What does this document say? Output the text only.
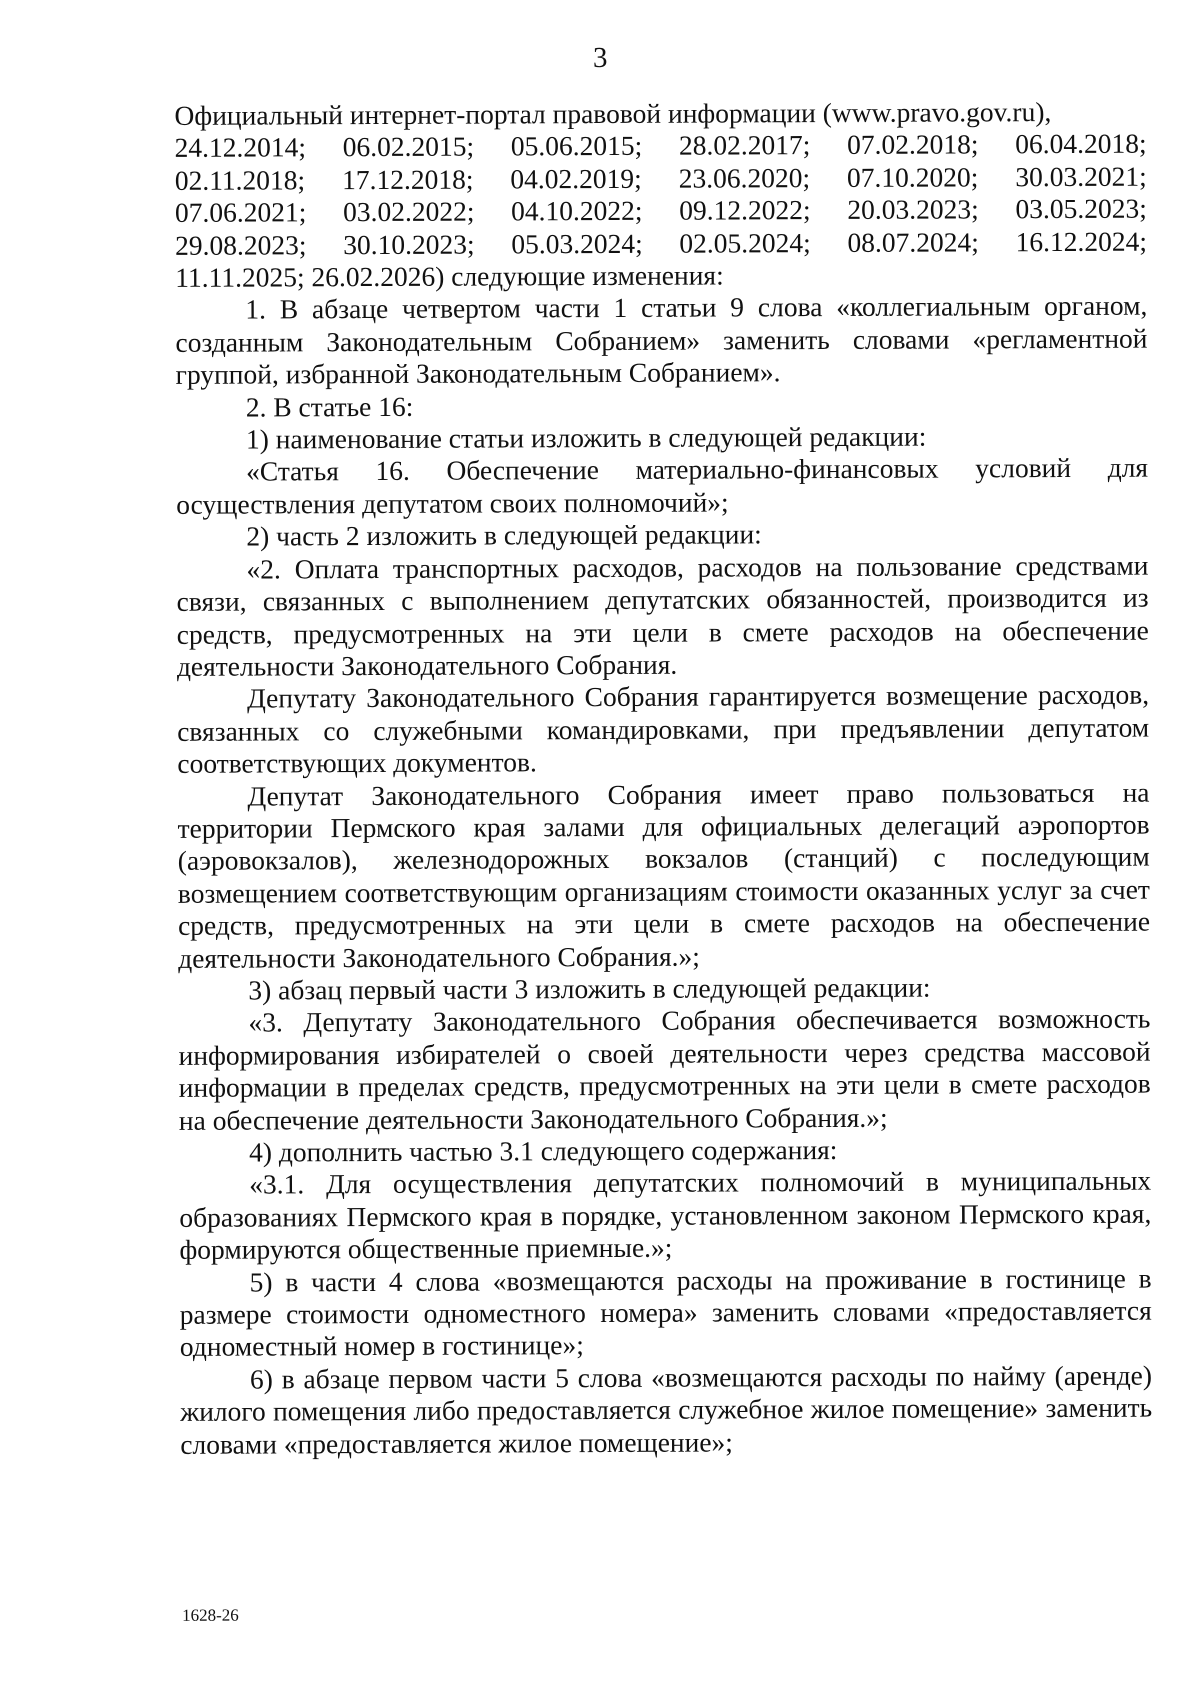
3

Официальный интернет-портал правовой информации (www.pravo.gov.ru),

24.12.2014; 06.02.2015; 05.06.2015; 28.02.2017; 07.02.2018; 06.04.2018;
02.11.2018; 17.12.2018; 04.02.2019; 23.06.2020; 07.10.2020; 30.03.2021;
07.06.2021; 03.02.2022; 04.10.2022; 09.12.2022; 20.03.2023; 03.05.2023;
29.08.2023; 30.10.2023; 05.03.2024; 02.05.2024; 08.07.2024; 16.12.2024;

11.11.2025; 26.02.2026) следующие изменения:

1. В абзаце четвертом части 1 статьи 9 слова «коллегиальным органом, созданным Законодательным Собранием» заменить словами «регламентной группой, избранной Законодательным Собранием».

2. В статье 16:

1) наименование статьи изложить в следующей редакции:

«Статья 16. Обеспечение материально-финансовых условий для осуществления депутатом своих полномочий»;

2) часть 2 изложить в следующей редакции:

«2. Оплата транспортных расходов, расходов на пользование средствами связи, связанных с выполнением депутатских обязанностей, производится из средств, предусмотренных на эти цели в смете расходов на обеспечение деятельности Законодательного Собрания.

Депутату Законодательного Собрания гарантируется возмещение расходов, связанных со служебными командировками, при предъявлении депутатом соответствующих документов.

Депутат Законодательного Собрания имеет право пользоваться на территории Пермского края залами для официальных делегаций аэропортов (аэровокзалов), железнодорожных вокзалов (станций) с последующим возмещением соответствующим организациям стоимости оказанных услуг за счет средств, предусмотренных на эти цели в смете расходов на обеспечение деятельности Законодательного Собрания.»;

3) абзац первый части 3 изложить в следующей редакции:

«3. Депутату Законодательного Собрания обеспечивается возможность информирования избирателей о своей деятельности через средства массовой информации в пределах средств, предусмотренных на эти цели в смете расходов на обеспечение деятельности Законодательного Собрания.»;

4) дополнить частью 3.1 следующего содержания:

«3.1. Для осуществления депутатских полномочий в муниципальных образованиях Пермского края в порядке, установленном законом Пермского края, формируются общественные приемные.»;

5) в части 4 слова «возмещаются расходы на проживание в гостинице в размере стоимости одноместного номера» заменить словами «предоставляется одноместный номер в гостинице»;

6) в абзаце первом части 5 слова «возмещаются расходы по найму (аренде) жилого помещения либо предоставляется служебное жилое помещение» заменить словами «предоставляется жилое помещение»;

1628-26
